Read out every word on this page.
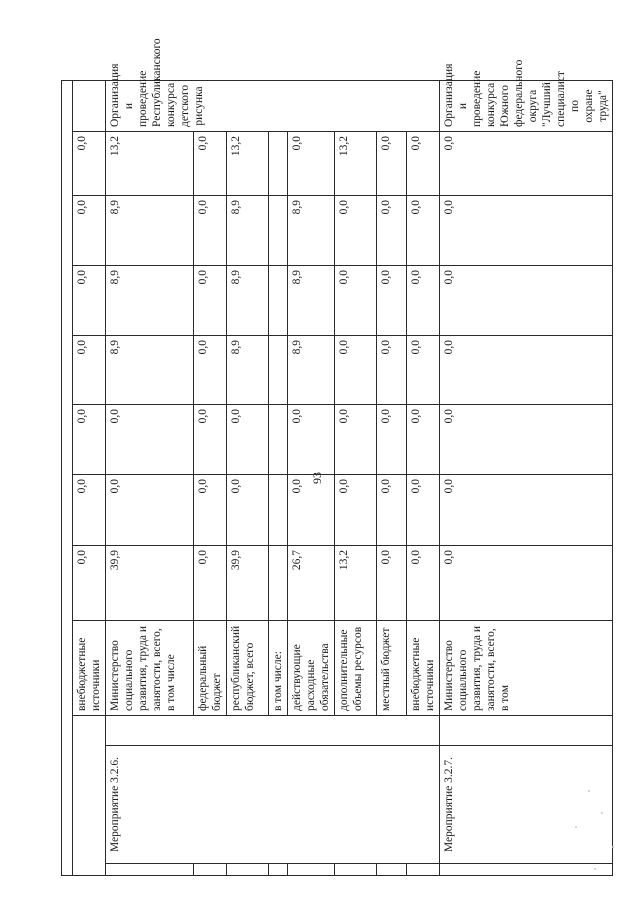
93

			внебюджетные источники	0,0	0,0	0,0	0,0	0,0	0,0	0,0	
	Мероприятие 3.2.6.		Министерство социального развития, труда и занятости, всего, в том числе	39,9	0,0	0,0	8,9	8,9	8,9	13,2	Организация и проведение Республиканского конкурса детского рисунка
			федеральный бюджет	0,0	0,0	0,0	0,0	0,0	0,0	0,0	
			республиканский бюджет, всего	39,9	0,0	0,0	8,9	8,9	8,9	13,2	
			в том числе:								
			действующие расходные обязательства	26,7	0,0	0,0	8,9	8,9	8,9	0,0	
			дополнительные объемы ресурсов	13,2	0,0	0,0	0,0	0,0	0,0	13,2	
			местный бюджет	0,0	0,0	0,0	0,0	0,0	0,0	0,0	
			внебюджетные источники	0,0	0,0	0,0	0,0	0,0	0,0	0,0	
	Мероприятие 3.2.7.		Министерство социального развития, труда и занятости, всего, в том	0,0	0,0	0,0	0,0	0,0	0,0	0,0	Организация и проведение конкурса Южного федерального округа "Лучший специалист по охране труда"
